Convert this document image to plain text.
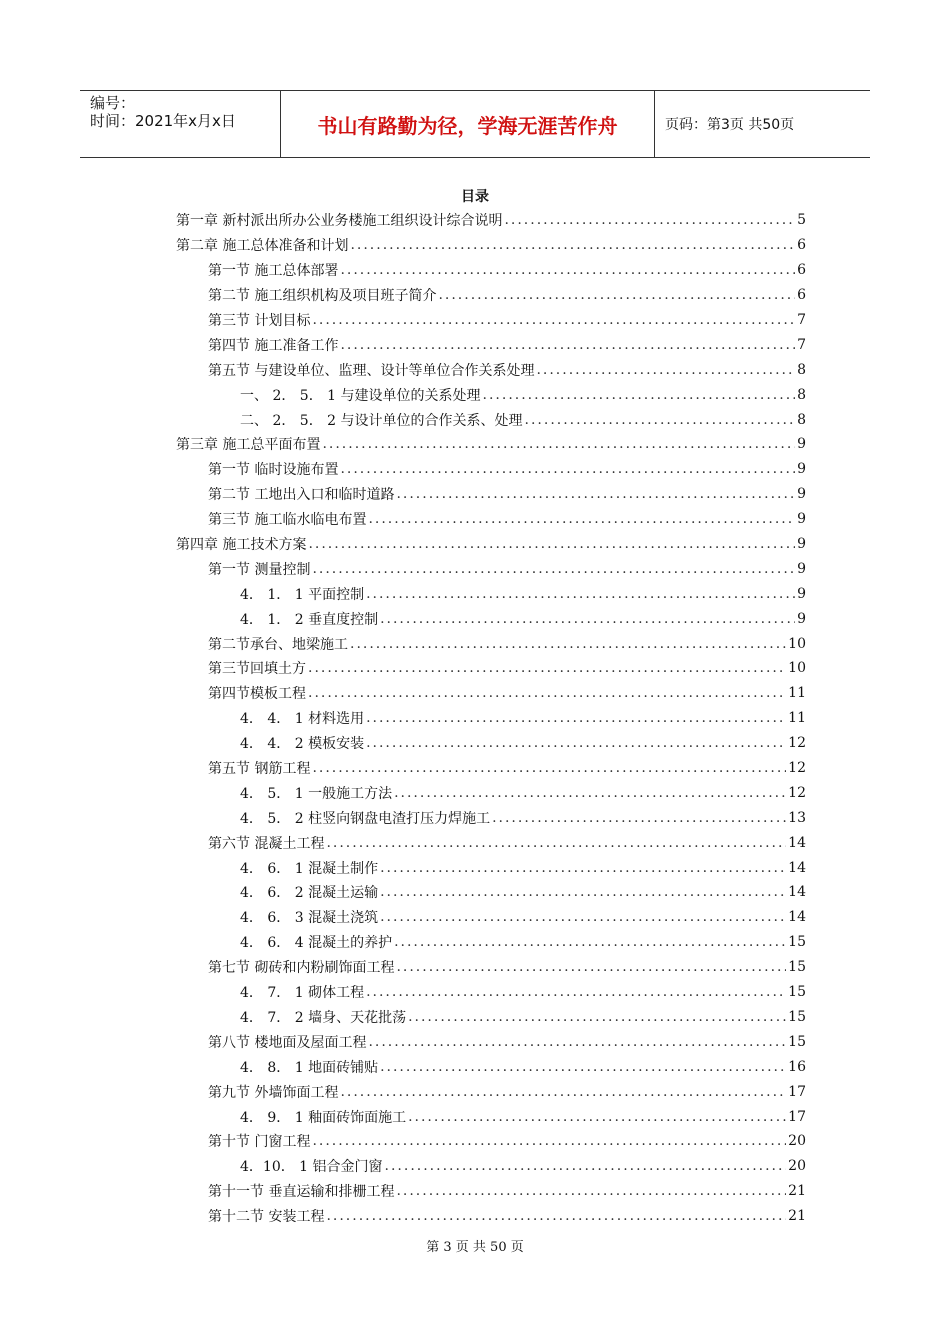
编号：
时间：2021年x月x日	书山有路勤为径，学海无涯苦作舟	页码：第3页 共50页
目录
第一章 新村派出所办公业务楼施工组织设计综合说明 .....	5
第二章 施工总体准备和计划 .....	6
第一节 施工总体部署 .....	6
第二节 施工组织机构及项目班子简介 .....	6
第三节 计划目标 .....	7
第四节 施工准备工作 .....	7
第五节 与建设单位、监理、设计等单位合作关系处理 .....	8
一、 2． 5． 1 与建设单位的关系处理 .....	8
二、 2． 5． 2 与设计单位的合作关系、处理 .....	8
第三章 施工总平面布置 .....	9
第一节 临时设施布置 .....	9
第二节 工地出入口和临时道路 .....	9
第三节 施工临水临电布置 .....	9
第四章 施工技术方案 .....	9
第一节 测量控制 .....	9
4． 1． 1 平面控制 .....	9
4． 1． 2 垂直度控制 .....	9
第二节承台、地梁施工 .....	10
第三节回填土方 .....	10
第四节模板工程 .....	11
4． 4． 1 材料选用 .....	11
4． 4． 2 模板安装 .....	12
第五节 钢筋工程 .....	12
4． 5． 1 一般施工方法 .....	12
4． 5． 2 柱竖向钢盘电渣打压力焊施工 .....	13
第六节 混凝土工程 .....	14
4． 6． 1 混凝土制作 .....	14
4． 6． 2 混凝土运输 .....	14
4． 6． 3 混凝土浇筑 .....	14
4． 6． 4 混凝土的养护 .....	15
第七节 砌砖和内粉刷饰面工程 .....	15
4． 7． 1 砌体工程 .....	15
4． 7． 2 墙身、天花批荡 .....	15
第八节 楼地面及屋面工程 .....	15
4． 8． 1 地面砖铺贴 .....	16
第九节 外墙饰面工程 .....	17
4． 9． 1 釉面砖饰面施工 .....	17
第十节 门窗工程 .....	20
4．10． 1 铝合金门窗 .....	20
第十一节 垂直运输和排栅工程 .....	21
第十二节 安装工程 .....	21
第 3 页 共 50 页
